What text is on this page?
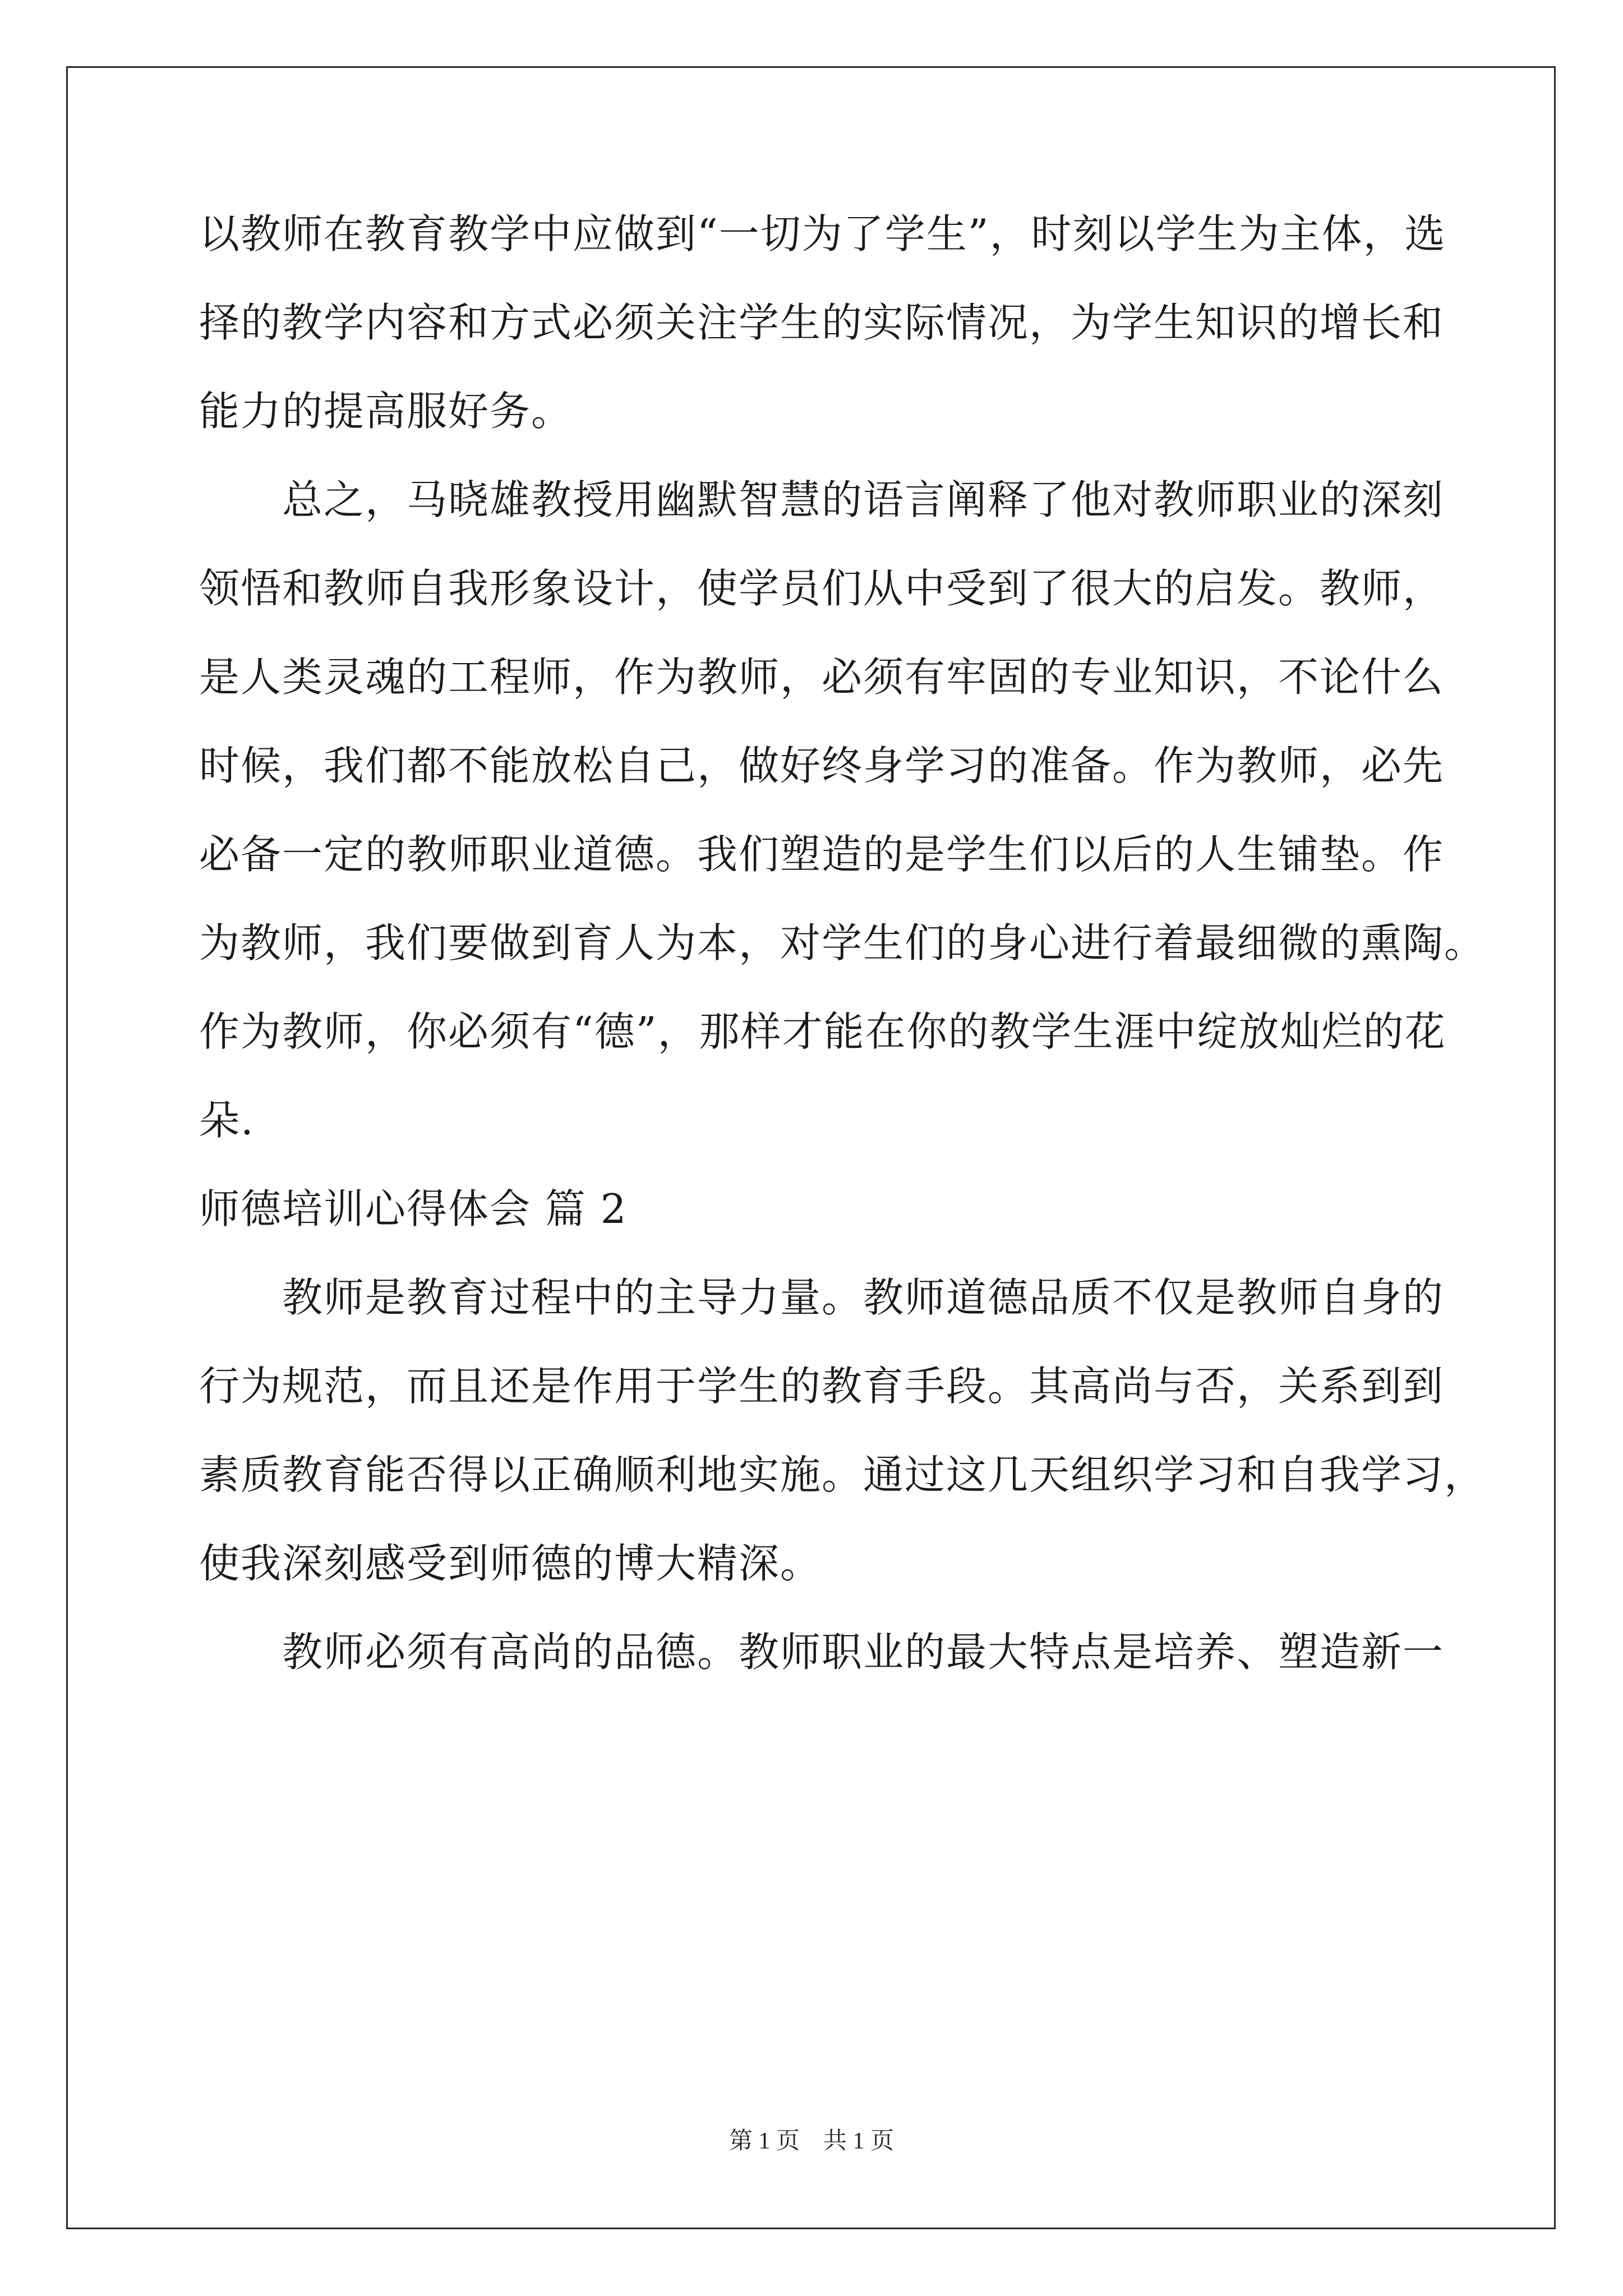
以教师在教育教学中应做到“一切为了学生”，时刻以学生为主体，选
择的教学内容和方式必须关注学生的实际情况，为学生知识的增长和
能力的提高服好务。
　　总之，马晓雄教授用幽默智慧的语言阐释了他对教师职业的深刻
领悟和教师自我形象设计，使学员们从中受到了很大的启发。教师，
是人类灵魂的工程师，作为教师，必须有牢固的专业知识，不论什么
时候，我们都不能放松自己，做好终身学习的准备。作为教师，必先
必备一定的教师职业道德。我们塑造的是学生们以后的人生铺垫。作
为教师，我们要做到育人为本，对学生们的身心进行着最细微的熏陶。
作为教师，你必须有“德”，那样才能在你的教学生涯中绽放灿烂的花
朵.
师德培训心得体会 篇 2
　　教师是教育过程中的主导力量。教师道德品质不仅是教师自身的
行为规范，而且还是作用于学生的教育手段。其高尚与否，关系到到
素质教育能否得以正确顺利地实施。通过这几天组织学习和自我学习，
使我深刻感受到师德的博大精深。
　　教师必须有高尚的品德。教师职业的最大特点是培养、塑造新一
第 1 页　共 1 页
